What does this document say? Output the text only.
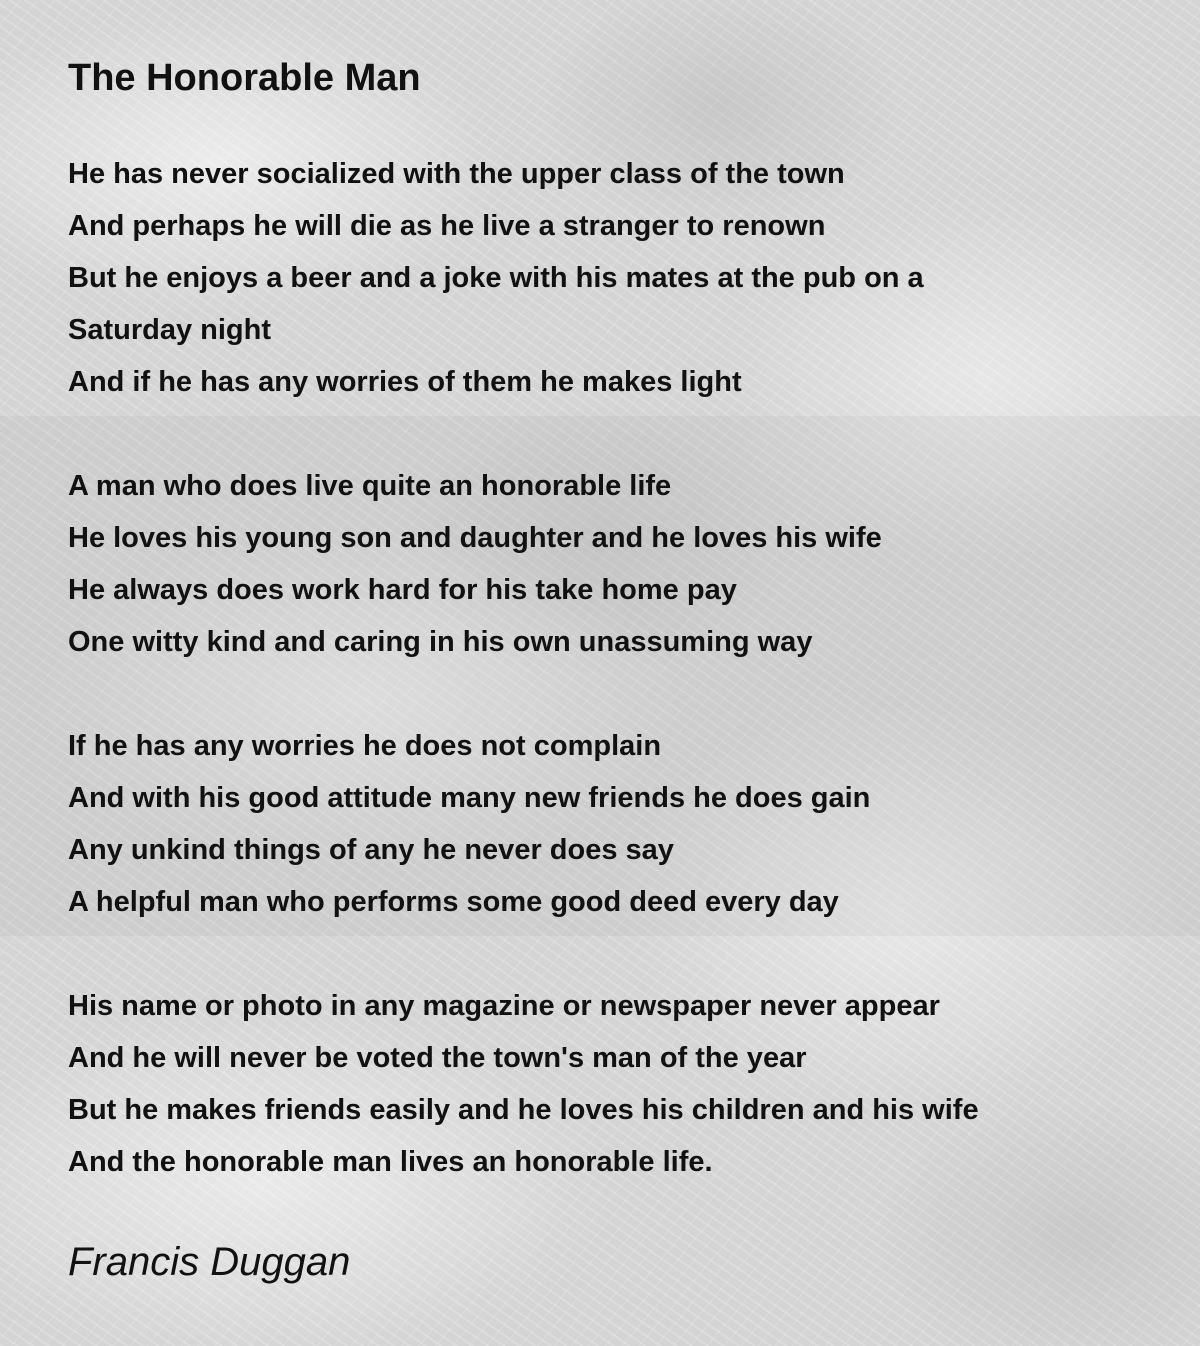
The Honorable Man
He has never socialized with the upper class of the town
And perhaps he will die as he live a stranger to renown
But he enjoys a beer and a joke with his mates at the pub on a
Saturday night
And if he has any worries of them he makes light
A man who does live quite an honorable life
He loves his young son and daughter and he loves his wife
He always does work hard for his take home pay
One witty kind and caring in his own unassuming way
If he has any worries he does not complain
And with his good attitude many new friends he does gain
Any unkind things of any he never does say
A helpful man who performs some good deed every day
His name or photo in any magazine or newspaper never appear
And he will never be voted the town's man of the year
But he makes friends easily and he loves his children and his wife
And the honorable man lives an honorable life.
Francis Duggan
